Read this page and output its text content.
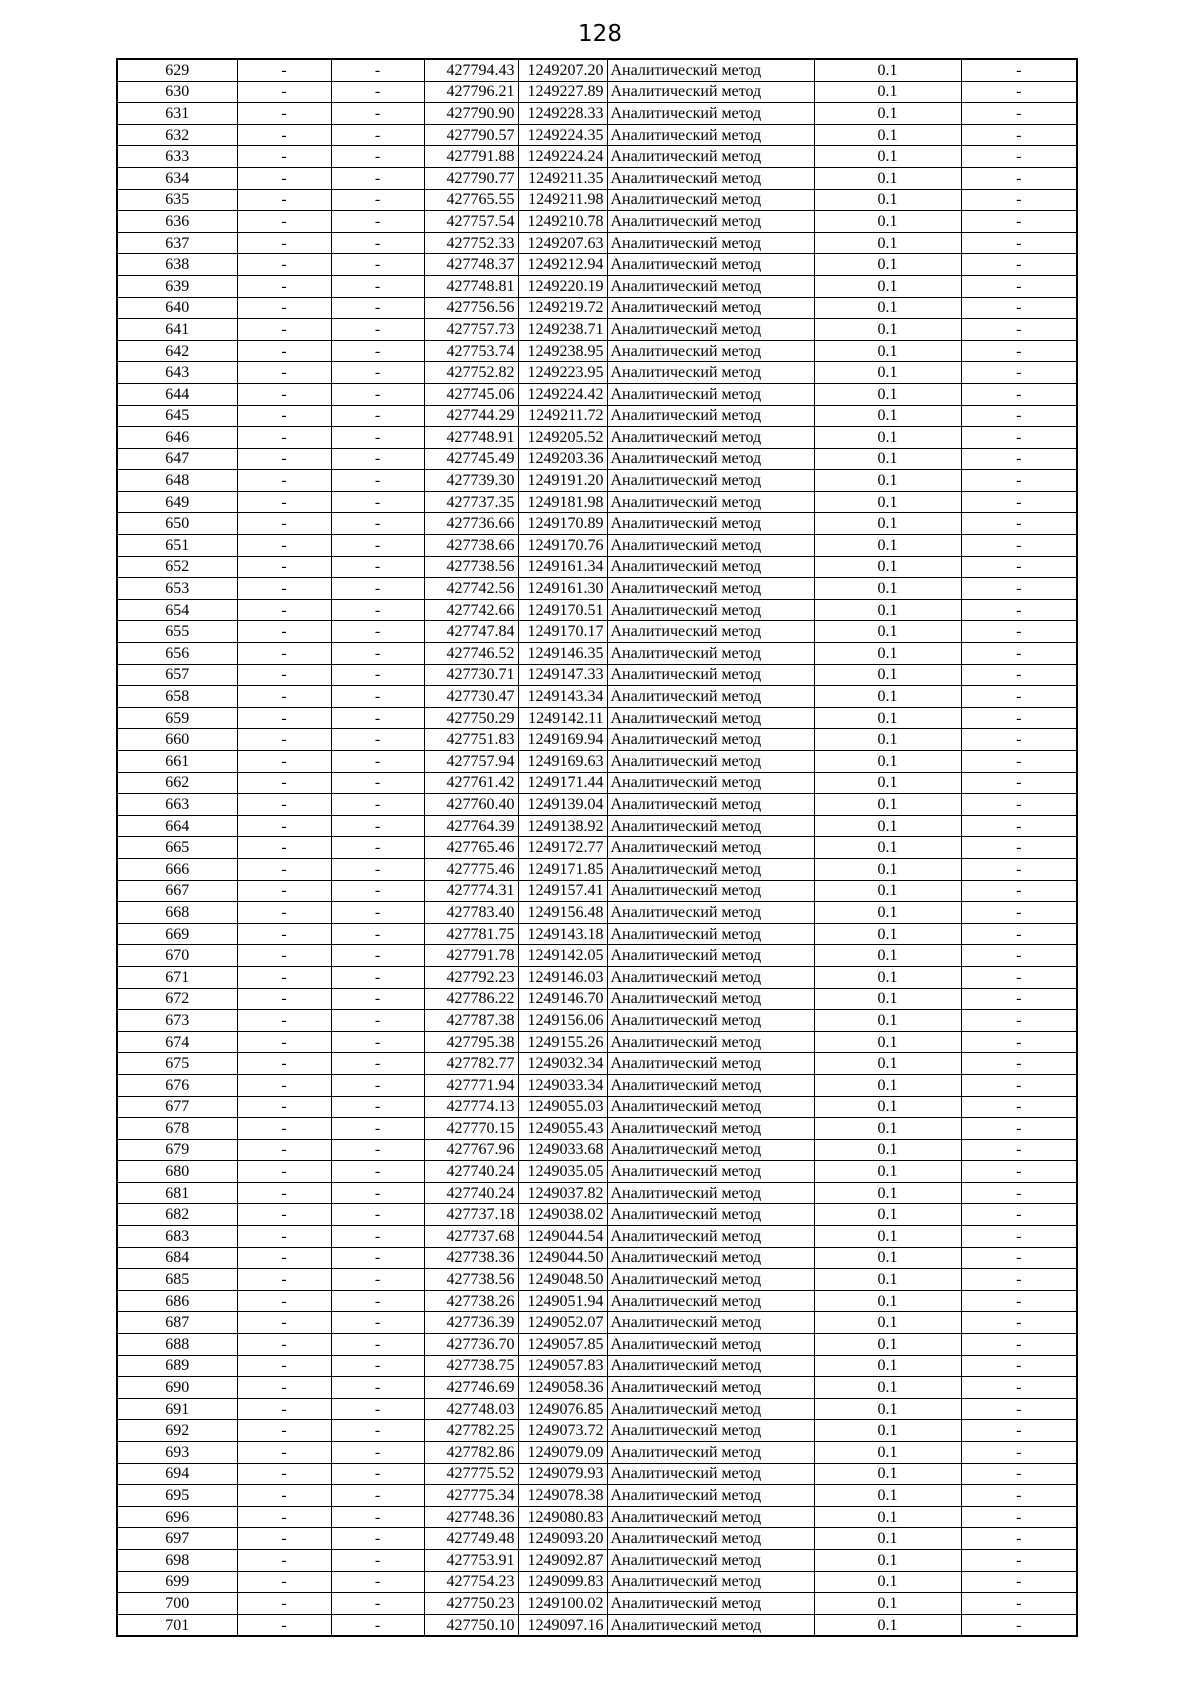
128
629	-	-	427794.43	1249207.20	Аналитический метод	0.1	-
630	-	-	427796.21	1249227.89	Аналитический метод	0.1	-
631	-	-	427790.90	1249228.33	Аналитический метод	0.1	-
632	-	-	427790.57	1249224.35	Аналитический метод	0.1	-
633	-	-	427791.88	1249224.24	Аналитический метод	0.1	-
634	-	-	427790.77	1249211.35	Аналитический метод	0.1	-
635	-	-	427765.55	1249211.98	Аналитический метод	0.1	-
636	-	-	427757.54	1249210.78	Аналитический метод	0.1	-
637	-	-	427752.33	1249207.63	Аналитический метод	0.1	-
638	-	-	427748.37	1249212.94	Аналитический метод	0.1	-
639	-	-	427748.81	1249220.19	Аналитический метод	0.1	-
640	-	-	427756.56	1249219.72	Аналитический метод	0.1	-
641	-	-	427757.73	1249238.71	Аналитический метод	0.1	-
642	-	-	427753.74	1249238.95	Аналитический метод	0.1	-
643	-	-	427752.82	1249223.95	Аналитический метод	0.1	-
644	-	-	427745.06	1249224.42	Аналитический метод	0.1	-
645	-	-	427744.29	1249211.72	Аналитический метод	0.1	-
646	-	-	427748.91	1249205.52	Аналитический метод	0.1	-
647	-	-	427745.49	1249203.36	Аналитический метод	0.1	-
648	-	-	427739.30	1249191.20	Аналитический метод	0.1	-
649	-	-	427737.35	1249181.98	Аналитический метод	0.1	-
650	-	-	427736.66	1249170.89	Аналитический метод	0.1	-
651	-	-	427738.66	1249170.76	Аналитический метод	0.1	-
652	-	-	427738.56	1249161.34	Аналитический метод	0.1	-
653	-	-	427742.56	1249161.30	Аналитический метод	0.1	-
654	-	-	427742.66	1249170.51	Аналитический метод	0.1	-
655	-	-	427747.84	1249170.17	Аналитический метод	0.1	-
656	-	-	427746.52	1249146.35	Аналитический метод	0.1	-
657	-	-	427730.71	1249147.33	Аналитический метод	0.1	-
658	-	-	427730.47	1249143.34	Аналитический метод	0.1	-
659	-	-	427750.29	1249142.11	Аналитический метод	0.1	-
660	-	-	427751.83	1249169.94	Аналитический метод	0.1	-
661	-	-	427757.94	1249169.63	Аналитический метод	0.1	-
662	-	-	427761.42	1249171.44	Аналитический метод	0.1	-
663	-	-	427760.40	1249139.04	Аналитический метод	0.1	-
664	-	-	427764.39	1249138.92	Аналитический метод	0.1	-
665	-	-	427765.46	1249172.77	Аналитический метод	0.1	-
666	-	-	427775.46	1249171.85	Аналитический метод	0.1	-
667	-	-	427774.31	1249157.41	Аналитический метод	0.1	-
668	-	-	427783.40	1249156.48	Аналитический метод	0.1	-
669	-	-	427781.75	1249143.18	Аналитический метод	0.1	-
670	-	-	427791.78	1249142.05	Аналитический метод	0.1	-
671	-	-	427792.23	1249146.03	Аналитический метод	0.1	-
672	-	-	427786.22	1249146.70	Аналитический метод	0.1	-
673	-	-	427787.38	1249156.06	Аналитический метод	0.1	-
674	-	-	427795.38	1249155.26	Аналитический метод	0.1	-
675	-	-	427782.77	1249032.34	Аналитический метод	0.1	-
676	-	-	427771.94	1249033.34	Аналитический метод	0.1	-
677	-	-	427774.13	1249055.03	Аналитический метод	0.1	-
678	-	-	427770.15	1249055.43	Аналитический метод	0.1	-
679	-	-	427767.96	1249033.68	Аналитический метод	0.1	-
680	-	-	427740.24	1249035.05	Аналитический метод	0.1	-
681	-	-	427740.24	1249037.82	Аналитический метод	0.1	-
682	-	-	427737.18	1249038.02	Аналитический метод	0.1	-
683	-	-	427737.68	1249044.54	Аналитический метод	0.1	-
684	-	-	427738.36	1249044.50	Аналитический метод	0.1	-
685	-	-	427738.56	1249048.50	Аналитический метод	0.1	-
686	-	-	427738.26	1249051.94	Аналитический метод	0.1	-
687	-	-	427736.39	1249052.07	Аналитический метод	0.1	-
688	-	-	427736.70	1249057.85	Аналитический метод	0.1	-
689	-	-	427738.75	1249057.83	Аналитический метод	0.1	-
690	-	-	427746.69	1249058.36	Аналитический метод	0.1	-
691	-	-	427748.03	1249076.85	Аналитический метод	0.1	-
692	-	-	427782.25	1249073.72	Аналитический метод	0.1	-
693	-	-	427782.86	1249079.09	Аналитический метод	0.1	-
694	-	-	427775.52	1249079.93	Аналитический метод	0.1	-
695	-	-	427775.34	1249078.38	Аналитический метод	0.1	-
696	-	-	427748.36	1249080.83	Аналитический метод	0.1	-
697	-	-	427749.48	1249093.20	Аналитический метод	0.1	-
698	-	-	427753.91	1249092.87	Аналитический метод	0.1	-
699	-	-	427754.23	1249099.83	Аналитический метод	0.1	-
700	-	-	427750.23	1249100.02	Аналитический метод	0.1	-
701	-	-	427750.10	1249097.16	Аналитический метод	0.1	-
